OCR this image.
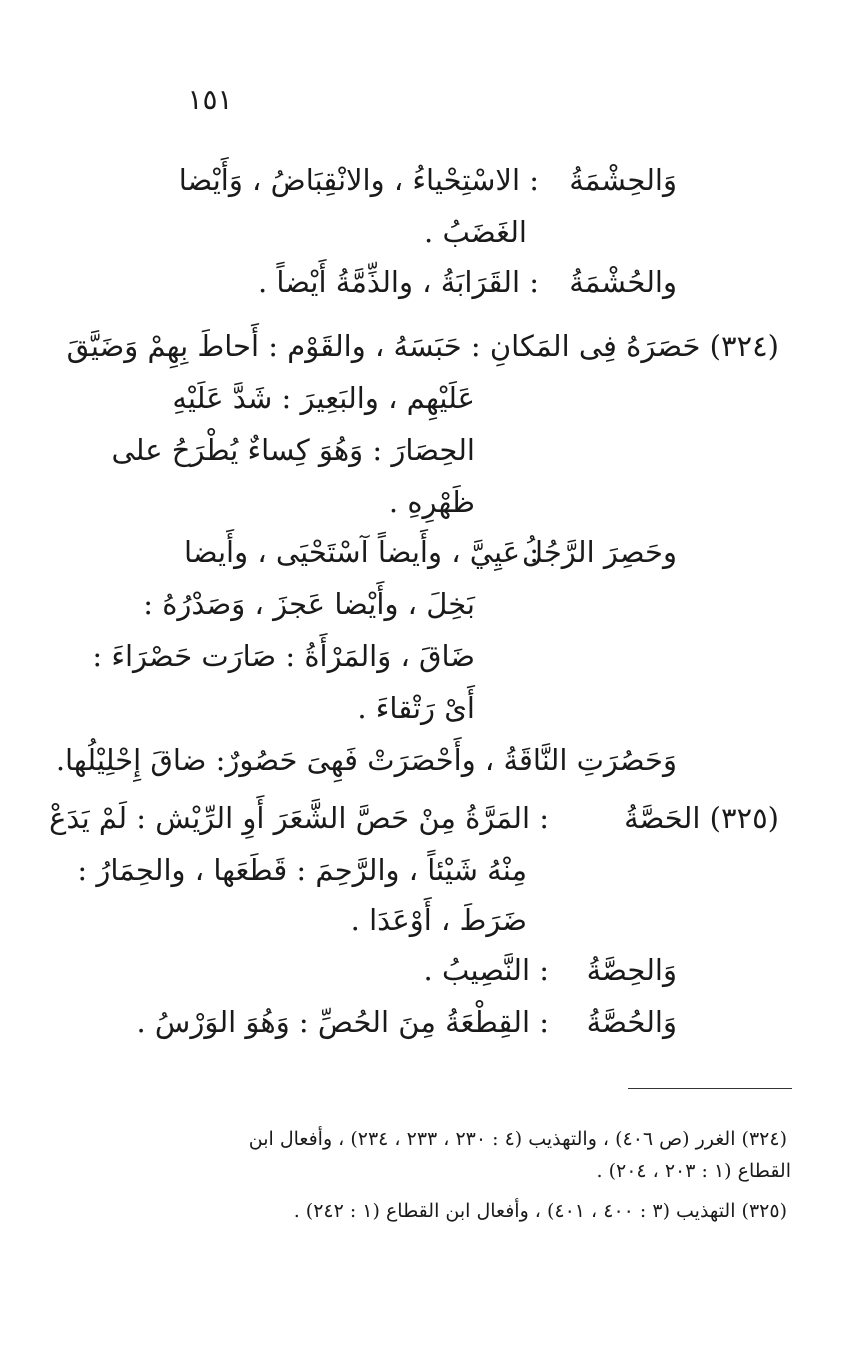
١٥١
وَالحِشْمَةُ
: الاسْتِحْياءُ ، والانْقِبَاضُ ، وَأَيْضا
الغَضَبُ .
والحُشْمَةُ
: القَرَابَةُ ، والذِّمَّةُ أَيْضاً .
(٣٢٤) حَصَرَهُ فِى المَكانِ : حَبَسَهُ ، والقَوْم : أَحاطَ بِهِمْ وَضَيَّقَ
عَلَيْهِم ، والبَعِيرَ : شَدَّ عَلَيْهِ
الحِصَارَ : وَهُوَ كِساءٌ يُطْرَحُ على
ظَهْرِهِ .
وحَصِرَ الرَّجُلُ
: عَيِيَّ ، وأَيضاً آسْتَحْيَى ، وأَيضا
بَخِلَ ، وأَيْضا عَجزَ ، وَصَدْرُهُ :
ضَاقَ ، وَالمَرْأَةُ : صَارَت حَصْرَاءَ :
أَىْ رَتْقاءَ .
وَحَصُرَتِ النَّاقَةُ ، وأَحْصَرَتْ فَهِىَ حَصُورٌ: ضاقَ إِحْلِيْلُها.
(٣٢٥) الحَصَّةُ
: المَرَّةُ مِنْ حَصَّ الشَّعَرَ أَوِ الرِّيْش : لَمْ يَدَعْ
مِنْهُ شَيْئاً ، والرَّحِمَ : قَطَعَها ، والحِمَارُ :
ضَرَطَ ، أَوْعَدَا .
وَالحِصَّةُ
: النَّصِيبُ .
وَالحُصَّةُ
: القِطْعَةُ مِنَ الحُصِّ : وَهُوَ الوَرْسُ .
(٣٢٤) الغرر (ص ٤٠٦) ، والتهذيب (٤ : ٢٣٠ ، ٢٣٣ ، ٢٣٤) ، وأفعال ابن
القطاع (١ : ٢٠٣ ، ٢٠٤) .
(٣٢٥) التهذيب (٣ : ٤٠٠ ، ٤٠١) ، وأفعال ابن القطاع (١ : ٢٤٢) .
